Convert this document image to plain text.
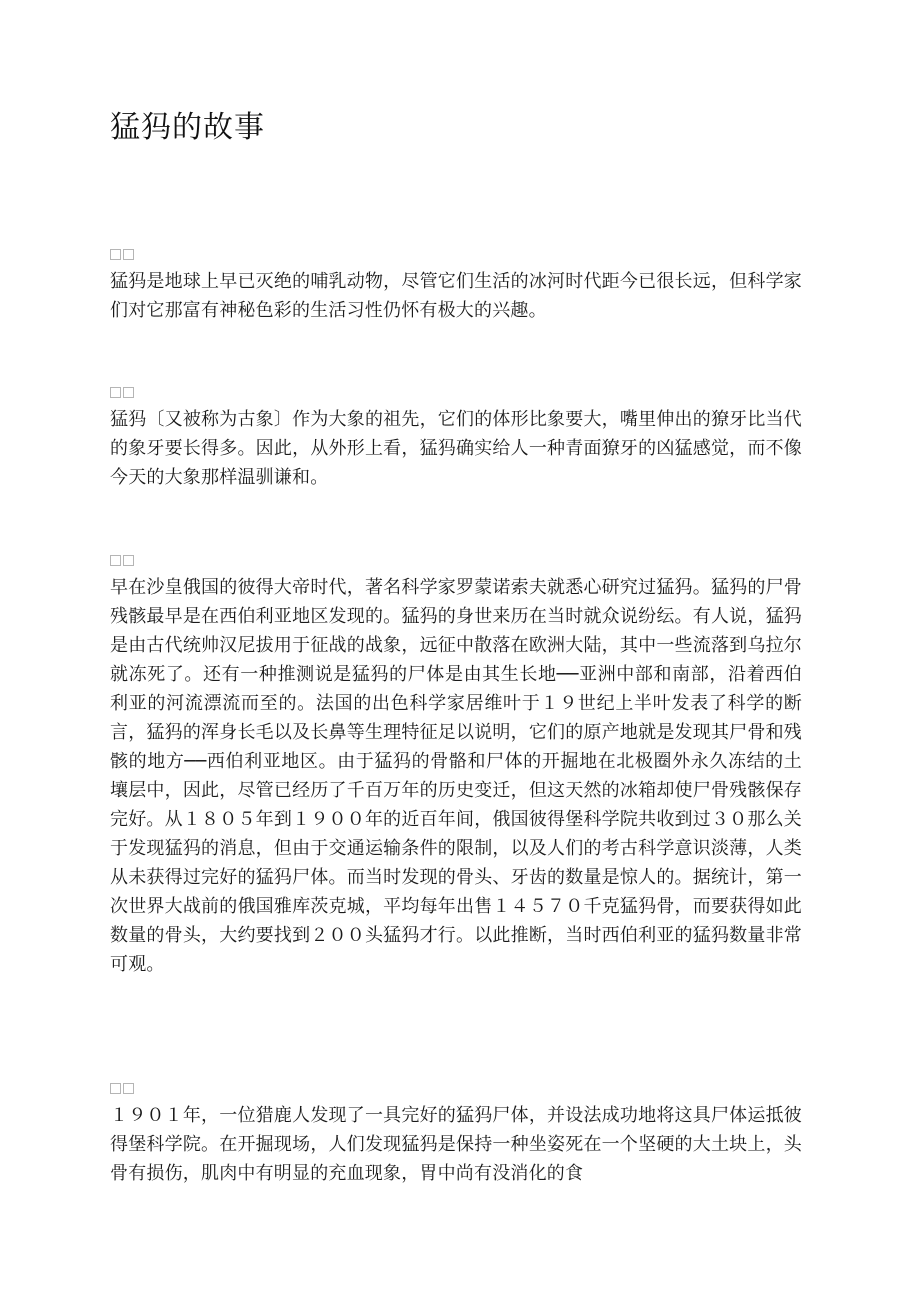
猛犸的故事

猛犸是地球上早已灭绝的哺乳动物，尽管它们生活的冰河时代距今已很长远，但科学家们对它那富有神秘色彩的生活习性仍怀有极大的兴趣。

猛犸〔又被称为古象〕作为大象的祖先，它们的体形比象要大，嘴里伸出的獠牙比当代的象牙要长得多。因此，从外形上看，猛犸确实给人一种青面獠牙的凶猛感觉，而不像今天的大象那样温驯谦和。

早在沙皇俄国的彼得大帝时代，著名科学家罗蒙诺索夫就悉心研究过猛犸。猛犸的尸骨残骸最早是在西伯利亚地区发现的。猛犸的身世来历在当时就众说纷纭。有人说，猛犸是由古代统帅汉尼拔用于征战的战象，远征中散落在欧洲大陆，其中一些流落到乌拉尔就冻死了。还有一种推测说是猛犸的尸体是由其生长地──亚洲中部和南部，沿着西伯利亚的河流漂流而至的。法国的出色科学家居维叶于１９世纪上半叶发表了科学的断言，猛犸的浑身长毛以及长鼻等生理特征足以说明，它们的原产地就是发现其尸骨和残骸的地方──西伯利亚地区。由于猛犸的骨骼和尸体的开掘地在北极圈外永久冻结的土壤层中，因此，尽管已经历了千百万年的历史变迁，但这天然的冰箱却使尸骨残骸保存完好。从１８０５年到１９００年的近百年间，俄国彼得堡科学院共收到过３０那么关于发现猛犸的消息，但由于交通运输条件的限制，以及人们的考古科学意识淡薄，人类从未获得过完好的猛犸尸体。而当时发现的骨头、牙齿的数量是惊人的。据统计，第一次世界大战前的俄国雅库茨克城，平均每年出售１４５７０千克猛犸骨，而要获得如此数量的骨头，大约要找到２００头猛犸才行。以此推断，当时西伯利亚的猛犸数量非常可观。

１９０１年，一位猎鹿人发现了一具完好的猛犸尸体，并设法成功地将这具尸体运抵彼得堡科学院。在开掘现场，人们发现猛犸是保持一种坐姿死在一个坚硬的大土块上，头骨有损伤，肌肉中有明显的充血现象，胃中尚有没消化的食
